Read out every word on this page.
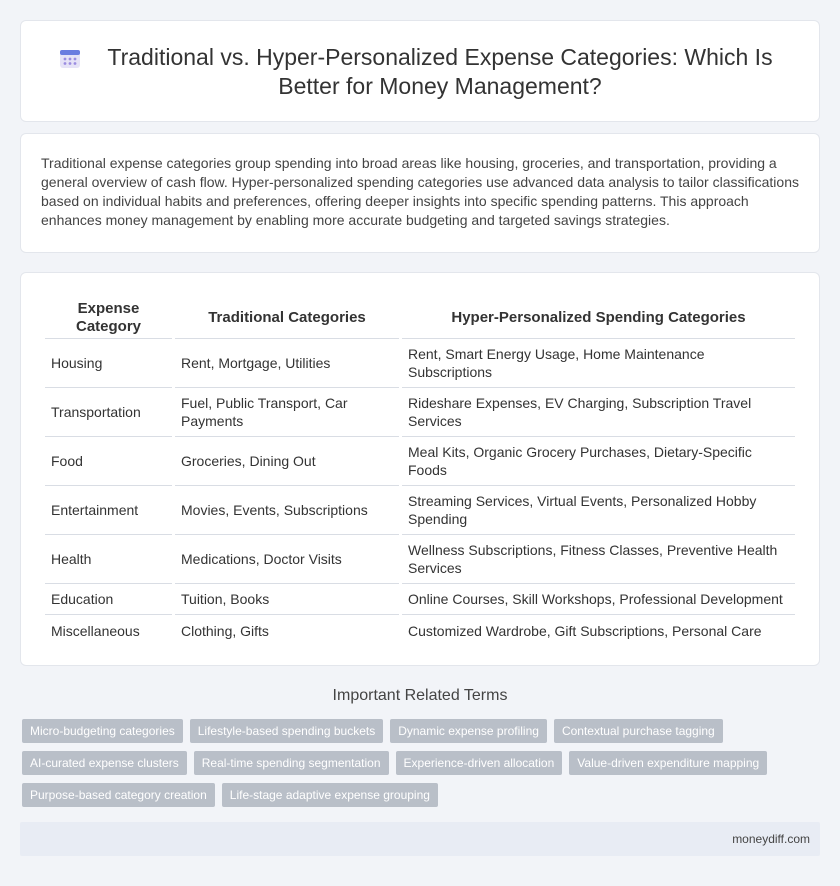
Traditional vs. Hyper-Personalized Expense Categories: Which Is Better for Money Management?

Traditional expense categories group spending into broad areas like housing, groceries, and transportation, providing a general overview of cash flow. Hyper-personalized spending categories use advanced data analysis to tailor classifications based on individual habits and preferences, offering deeper insights into specific spending patterns. This approach enhances money management by enabling more accurate budgeting and targeted savings strategies.

Expense Category	Traditional Categories	Hyper-Personalized Spending Categories
Housing	Rent, Mortgage, Utilities	Rent, Smart Energy Usage, Home Maintenance Subscriptions
Transportation	Fuel, Public Transport, Car Payments	Rideshare Expenses, EV Charging, Subscription Travel Services
Food	Groceries, Dining Out	Meal Kits, Organic Grocery Purchases, Dietary-Specific Foods
Entertainment	Movies, Events, Subscriptions	Streaming Services, Virtual Events, Personalized Hobby Spending
Health	Medications, Doctor Visits	Wellness Subscriptions, Fitness Classes, Preventive Health Services
Education	Tuition, Books	Online Courses, Skill Workshops, Professional Development
Miscellaneous	Clothing, Gifts	Customized Wardrobe, Gift Subscriptions, Personal Care
Important Related Terms
Micro-budgeting categories	Lifestyle-based spending buckets	Dynamic expense profiling	Contextual purchase tagging
AI-curated expense clusters	Real-time spending segmentation	Experience-driven allocation	Value-driven expenditure mapping
Purpose-based category creation	Life-stage adaptive expense grouping
moneydiff.com
